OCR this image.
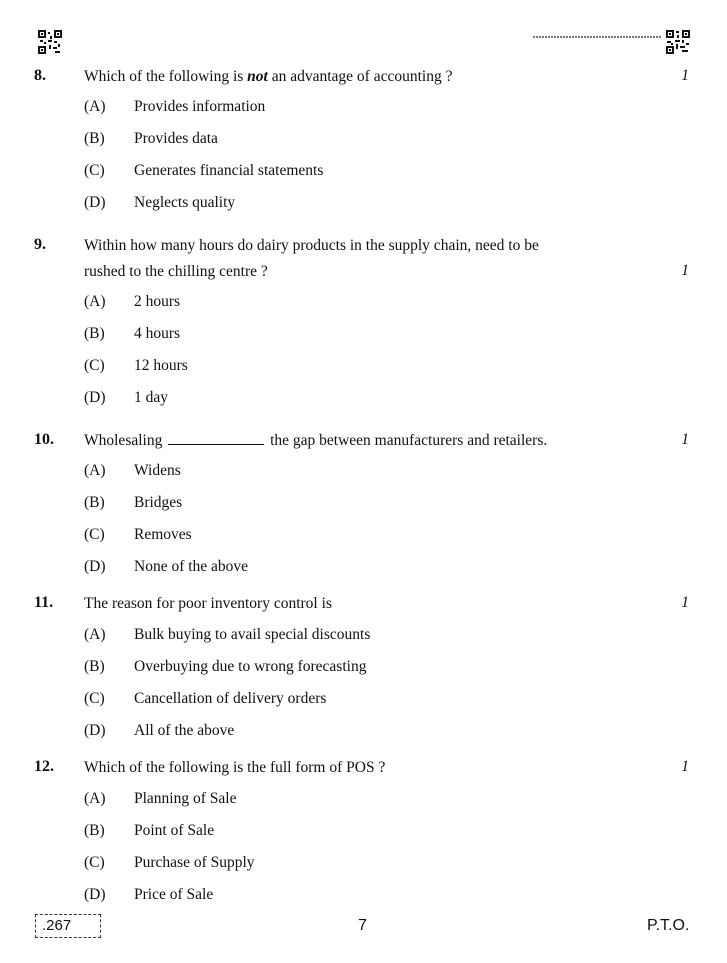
8. Which of the following is not an advantage of accounting ?	1
(A) Provides information
(B) Provides data
(C) Generates financial statements
(D) Neglects quality
9. Within how many hours do dairy products in the supply chain, need to be
rushed to the chilling centre ?	1
(A) 2 hours
(B) 4 hours
(C) 12 hours
(D) 1 day
10. Wholesaling	the gap between manufacturers and retailers.	1
(A) Widens
(B) Bridges
(C) Removes
(D) None of the above
11. The reason for poor inventory control is	1
(A) Bulk buying to avail special discounts
(B) Overbuying due to wrong forecasting
(C) Cancellation of delivery orders
(D) All of the above
12. Which of the following is the full form of POS ?	1
(A) Planning of Sale
(B) Point of Sale
(C) Purchase of Supply
(D) Price of Sale
.267	7	P.T.O.
